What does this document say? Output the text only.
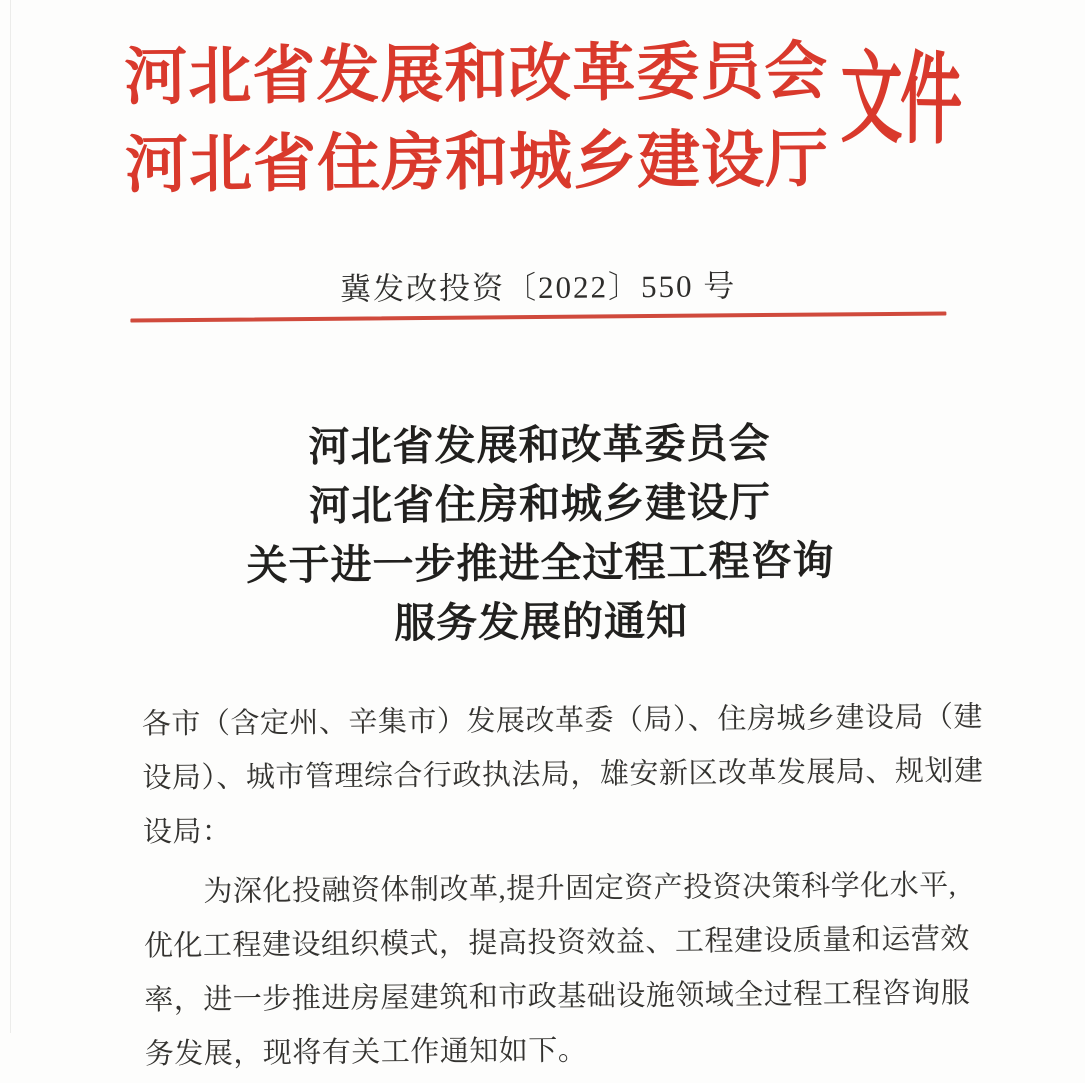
河北省发展和改革委员会
河北省住房和城乡建设厅
文件
冀发改投资〔2022〕550 号
河北省发展和改革委员会
河北省住房和城乡建设厅
关于进一步推进全过程工程咨询
服务发展的通知
各市（含定州、辛集市）发展改革委（局）、住房城乡建设局（建
设局）、城市管理综合行政执法局，雄安新区改革发展局、规划建
设局：
为深化投融资体制改革,提升固定资产投资决策科学化水平,
优化工程建设组织模式，提高投资效益、工程建设质量和运营效
率，进一步推进房屋建筑和市政基础设施领域全过程工程咨询服
务发展，现将有关工作通知如下。
